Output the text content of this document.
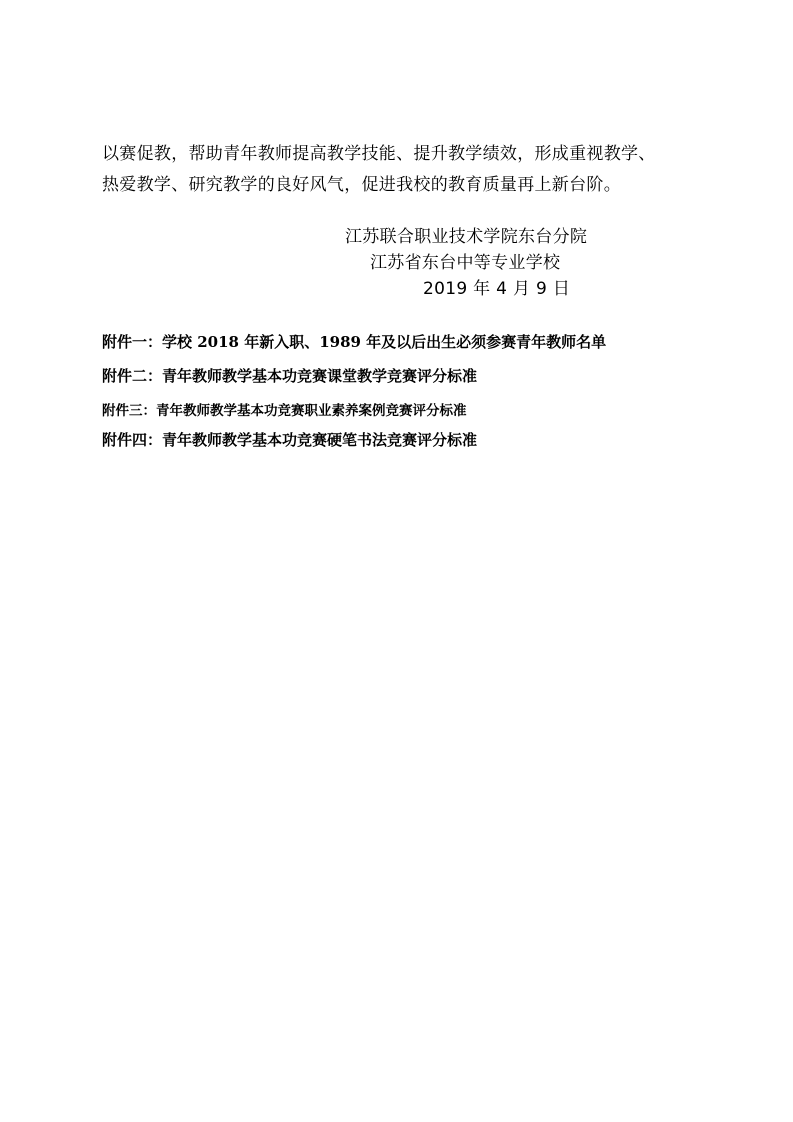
以赛促教，帮助青年教师提高教学技能、提升教学绩效，形成重视教学、
热爱教学、研究教学的良好风气，促进我校的教育质量再上新台阶。
江苏联合职业技术学院东台分院
江苏省东台中等专业学校
2019 年 4 月 9 日
附件一：学校 2018 年新入职、1989 年及以后出生必须参赛青年教师名单
附件二：青年教师教学基本功竞赛课堂教学竞赛评分标准
附件三：青年教师教学基本功竞赛职业素养案例竞赛评分标准
附件四：青年教师教学基本功竞赛硬笔书法竞赛评分标准
